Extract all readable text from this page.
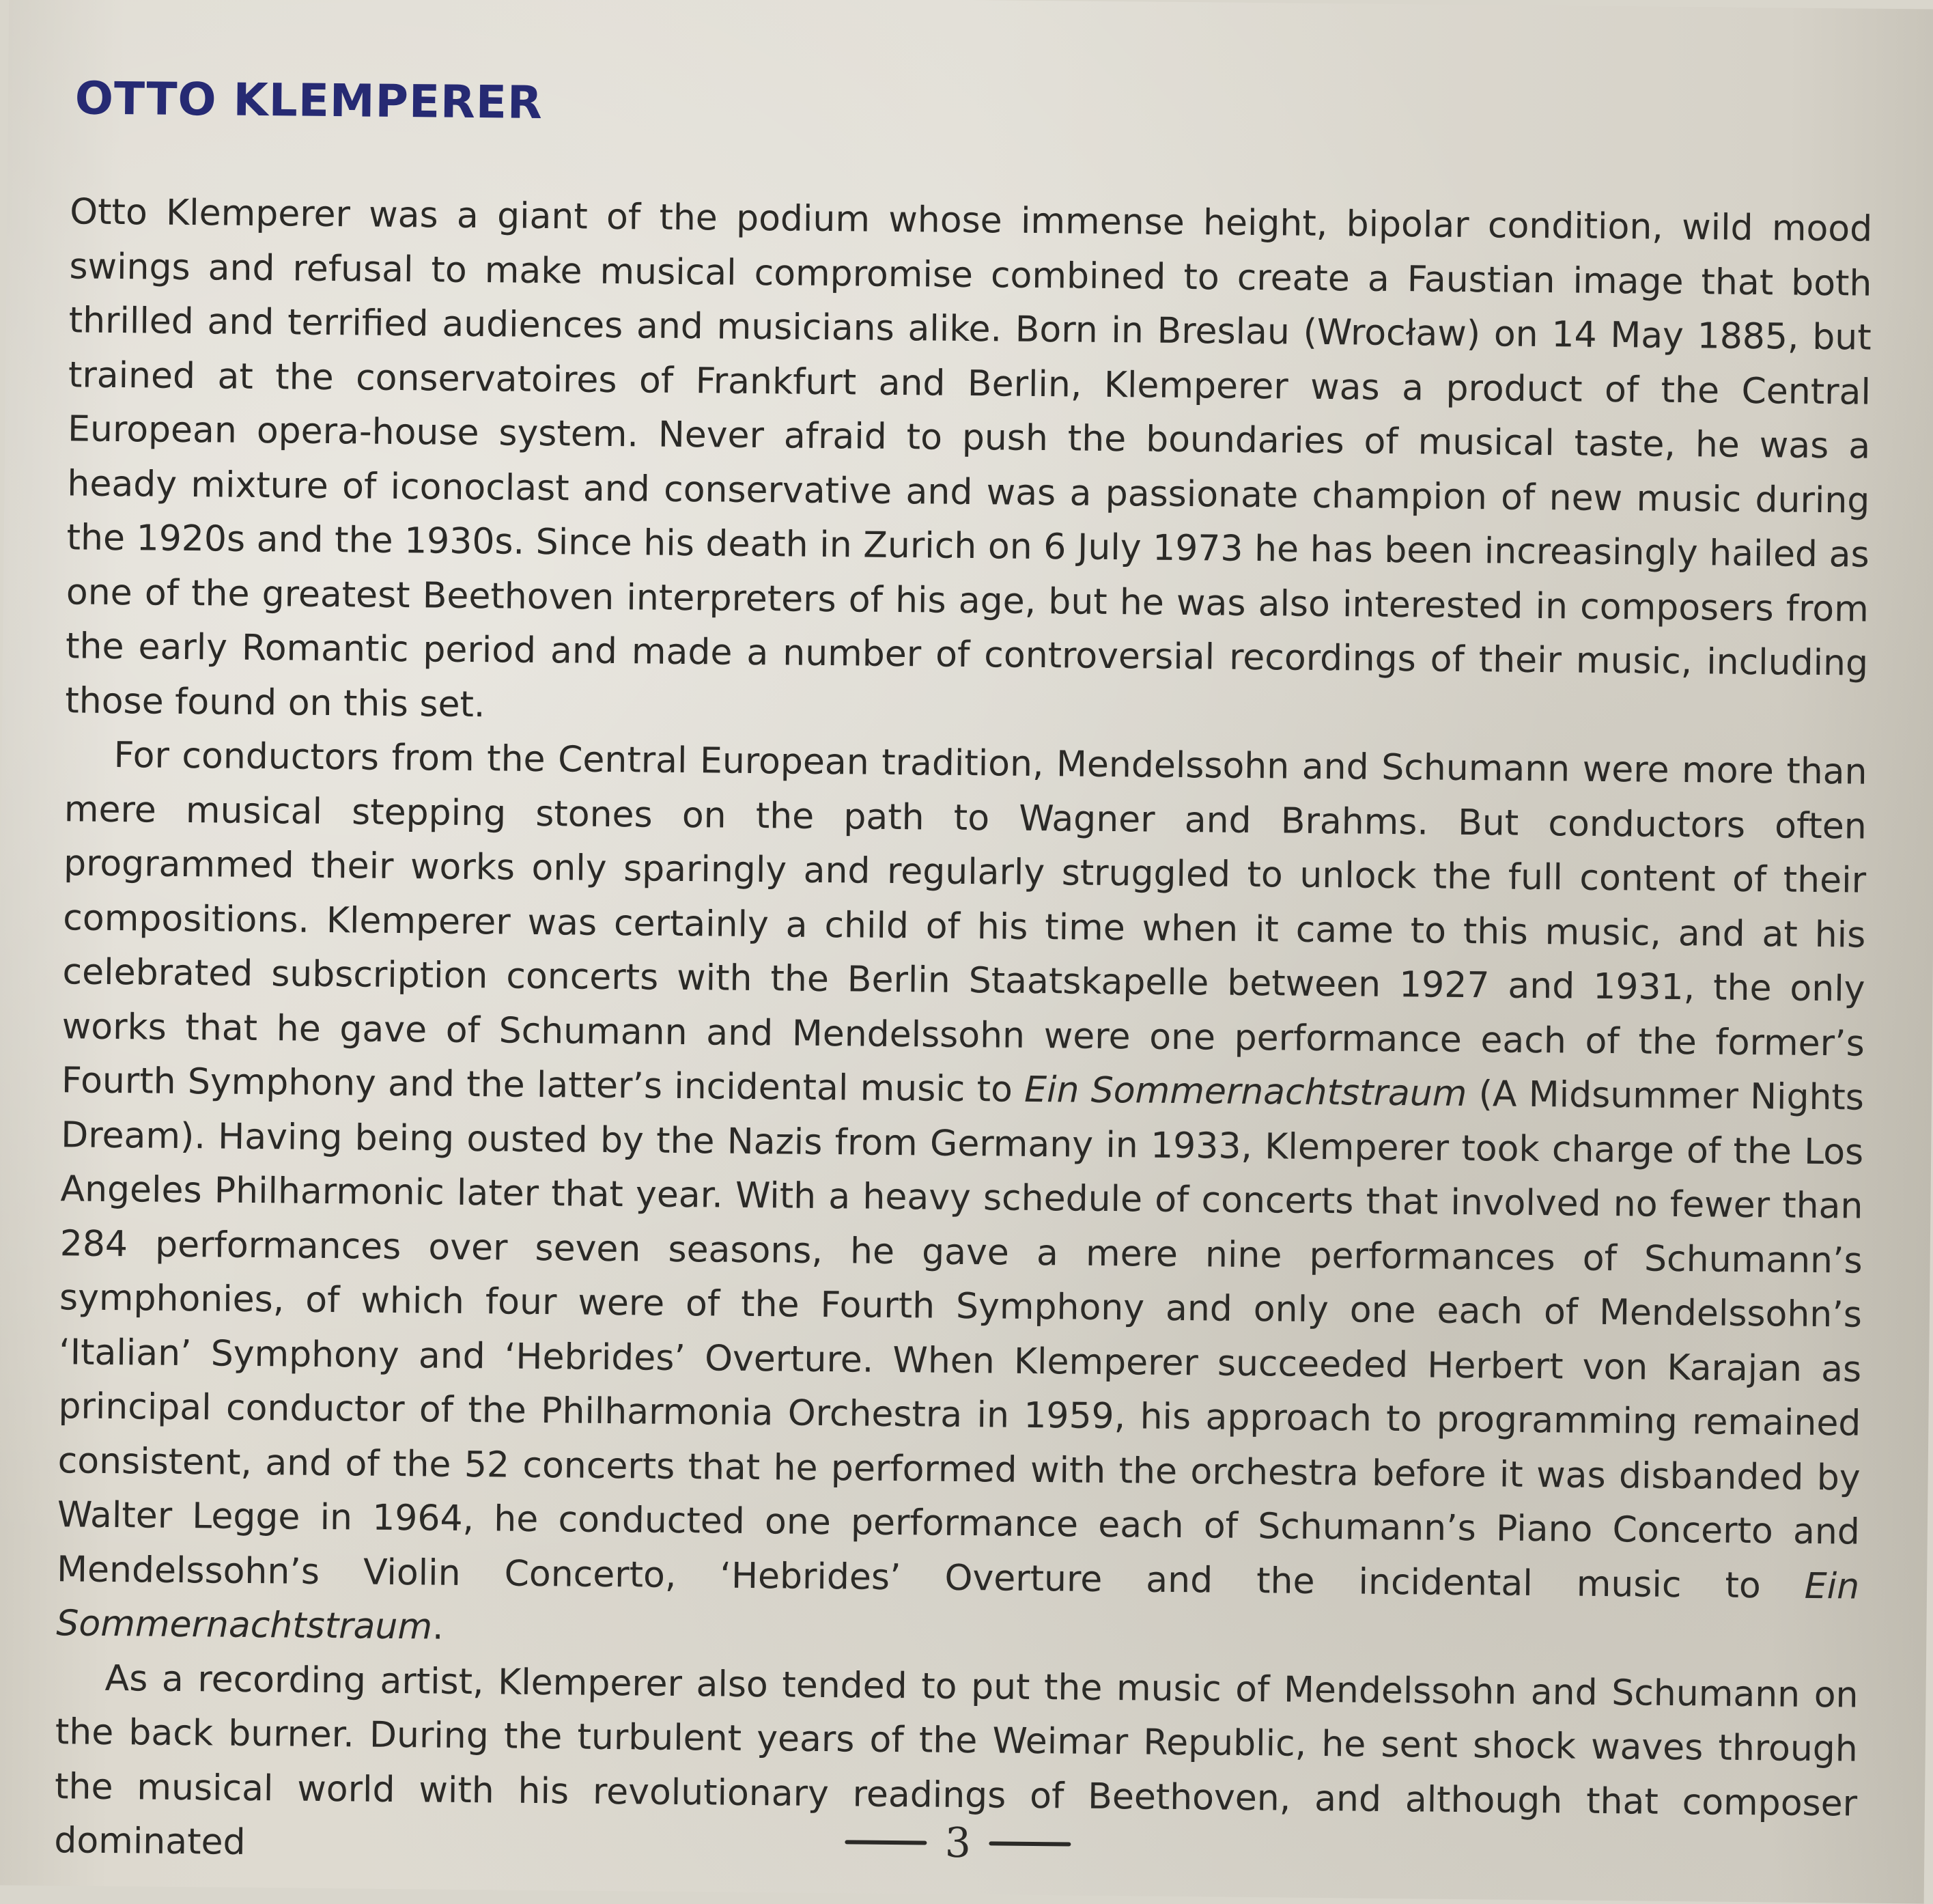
OTTO KLEMPERER

Otto Klemperer was a giant of the podium whose immense height, bipolar condition, wild mood swings and refusal to make musical compromise combined to create a Faustian image that both thrilled and terrified audiences and musicians alike. Born in Breslau (Wrocław) on 14 May 1885, but trained at the conservatoires of Frankfurt and Berlin, Klemperer was a product of the Central European opera-house system. Never afraid to push the boundaries of musical taste, he was a heady mixture of iconoclast and conservative and was a passionate champion of new music during the 1920s and the 1930s. Since his death in Zurich on 6 July 1973 he has been increasingly hailed as one of the greatest Beethoven interpreters of his age, but he was also interested in composers from the early Romantic period and made a number of controversial recordings of their music, including those found on this set.

For conductors from the Central European tradition, Mendelssohn and Schumann were more than mere musical stepping stones on the path to Wagner and Brahms. But conductors often programmed their works only sparingly and regularly struggled to unlock the full content of their compositions. Klemperer was certainly a child of his time when it came to this music, and at his celebrated subscription concerts with the Berlin Staatskapelle between 1927 and 1931, the only works that he gave of Schumann and Mendelssohn were one performance each of the former’s Fourth Symphony and the latter’s incidental music to Ein Sommernachtstraum (A Midsummer Nights Dream). Having being ousted by the Nazis from Germany in 1933, Klemperer took charge of the Los Angeles Philharmonic later that year. With a heavy schedule of concerts that involved no fewer than 284 performances over seven seasons, he gave a mere nine performances of Schumann’s symphonies, of which four were of the Fourth Symphony and only one each of Mendelssohn’s ‘Italian’ Symphony and ‘Hebrides’ Overture. When Klemperer succeeded Herbert von Karajan as principal conductor of the Philharmonia Orchestra in 1959, his approach to programming remained consistent, and of the 52 concerts that he performed with the orchestra before it was disbanded by Walter Legge in 1964, he conducted one performance each of Schumann’s Piano Concerto and Mendelssohn’s Violin Concerto, ‘Hebrides’ Overture and the incidental music to Ein Sommernachtstraum.

As a recording artist, Klemperer also tended to put the music of Mendelssohn and Schumann on the back burner. During the turbulent years of the Weimar Republic, he sent shock waves through the musical world with his revolutionary readings of Beethoven, and although that composer dominated	3
